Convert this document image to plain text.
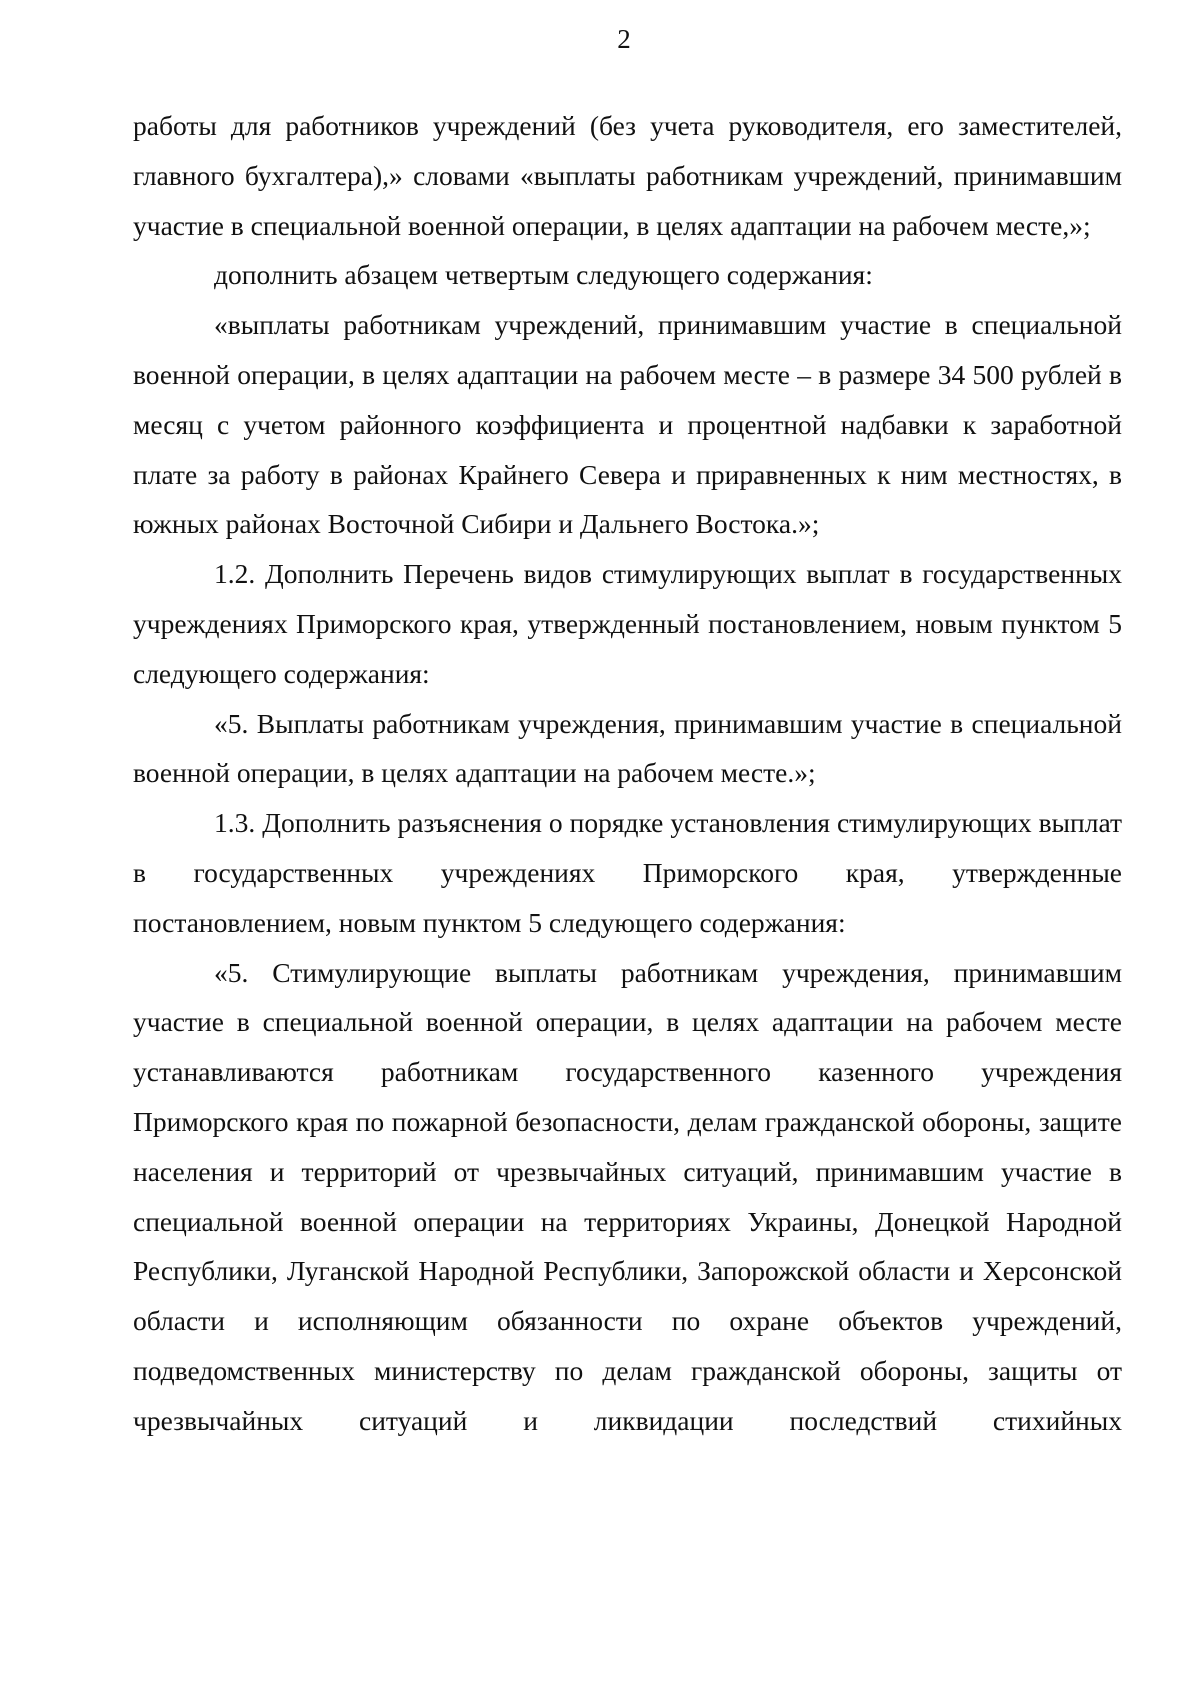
2

работы для работников учреждений (без учета руководителя, его заместителей, главного бухгалтера),» словами «выплаты работникам учреждений, принимавшим участие в специальной военной операции, в целях адаптации на рабочем месте,»;

дополнить абзацем четвертым следующего содержания:

«выплаты работникам учреждений, принимавшим участие в специальной военной операции, в целях адаптации на рабочем месте – в размере 34 500 рублей в месяц с учетом районного коэффициента и процентной надбавки к заработной плате за работу в районах Крайнего Севера и приравненных к ним местностях, в южных районах Восточной Сибири и Дальнего Востока.»;

1.2. Дополнить Перечень видов стимулирующих выплат в государственных учреждениях Приморского края, утвержденный постановлением, новым пунктом 5 следующего содержания:

«5. Выплаты работникам учреждения, принимавшим участие в специальной военной операции, в целях адаптации на рабочем месте.»;

1.3. Дополнить разъяснения о порядке установления стимулирующих выплат в государственных учреждениях Приморского края, утвержденные постановлением, новым пунктом 5 следующего содержания:

«5. Стимулирующие выплаты работникам учреждения, принимавшим участие в специальной военной операции, в целях адаптации на рабочем месте устанавливаются работникам государственного казенного учреждения Приморского края по пожарной безопасности, делам гражданской обороны, защите населения и территорий от чрезвычайных ситуаций, принимавшим участие в специальной военной операции на территориях Украины, Донецкой Народной Республики, Луганской Народной Республики, Запорожской области и Херсонской области и исполняющим обязанности по охране объектов учреждений, подведомственных министерству по делам гражданской обороны, защиты от чрезвычайных ситуаций и ликвидации последствий стихийных
